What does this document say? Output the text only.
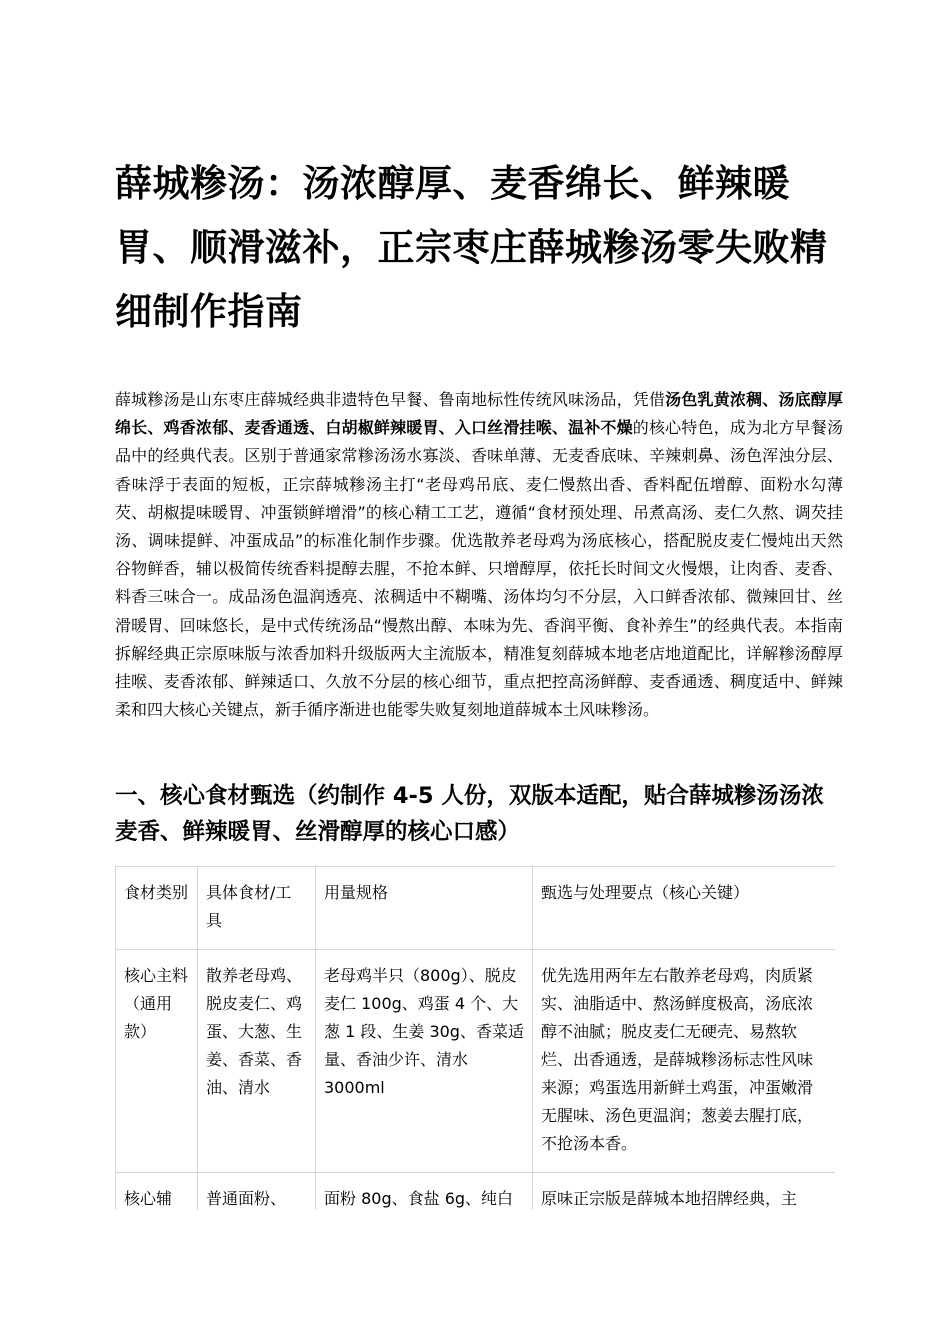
薛城糁汤：汤浓醇厚、麦香绵长、鲜辣暖胃、顺滑滋补，正宗枣庄薛城糁汤零失败精细制作指南

薛城糁汤是山东枣庄薛城经典非遗特色早餐、鲁南地标性传统风味汤品，凭借汤色乳黄浓稠、汤底醇厚绵长、鸡香浓郁、麦香通透、白胡椒鲜辣暖胃、入口丝滑挂喉、温补不燥的核心特色，成为北方早餐汤品中的经典代表。区别于普通家常糁汤汤水寡淡、香味单薄、无麦香底味、辛辣刺鼻、汤色浑浊分层、香味浮于表面的短板，正宗薛城糁汤主打“老母鸡吊底、麦仁慢熬出香、香料配伍增醇、面粉水勾薄芡、胡椒提味暖胃、冲蛋锁鲜增滑”的核心精工工艺，遵循“食材预处理、吊煮高汤、麦仁久熬、调芡挂汤、调味提鲜、冲蛋成品”的标准化制作步骤。优选散养老母鸡为汤底核心，搭配脱皮麦仁慢炖出天然谷物鲜香，辅以极简传统香料提醇去腥，不抢本鲜、只增醇厚，依托长时间文火慢煨，让肉香、麦香、料香三味合一。成品汤色温润透亮、浓稠适中不糊嘴、汤体均匀不分层，入口鲜香浓郁、微辣回甘、丝滑暖胃、回味悠长，是中式传统汤品“慢熬出醇、本味为先、香润平衡、食补养生”的经典代表。本指南拆解经典正宗原味版与浓香加料升级版两大主流版本，精准复刻薛城本地老店地道配比，详解糁汤醇厚挂喉、麦香浓郁、鲜辣适口、久放不分层的核心细节，重点把控高汤鲜醇、麦香通透、稠度适中、鲜辣柔和四大核心关键点，新手循序渐进也能零失败复刻地道薛城本土风味糁汤。

一、核心食材甄选（约制作 4-5 人份，双版本适配，贴合薛城糁汤汤浓麦香、鲜辣暖胃、丝滑醇厚的核心口感）
食材类别	具体食材/工具	用量规格	甄选与处理要点（核心关键）
核心主料（通用款）	散养老母鸡、脱皮麦仁、鸡蛋、大葱、生姜、香菜、香油、清水	老母鸡半只（800g）、脱皮麦仁 100g、鸡蛋 4 个、大葱 1 段、生姜 30g、香菜适量、香油少许、清水 3000ml	优先选用两年左右散养老母鸡，肉质紧实、油脂适中、熬汤鲜度极高，汤底浓醇不油腻；脱皮麦仁无硬壳、易熬软烂、出香通透，是薛城糁汤标志性风味来源；鸡蛋选用新鲜土鸡蛋，冲蛋嫩滑无腥味、汤色更温润；葱姜去腥打底，不抢汤本香。
核心辅	普通面粉、	面粉 80g、食盐 6g、纯白	原味正宗版是薛城本地招牌经典，主
